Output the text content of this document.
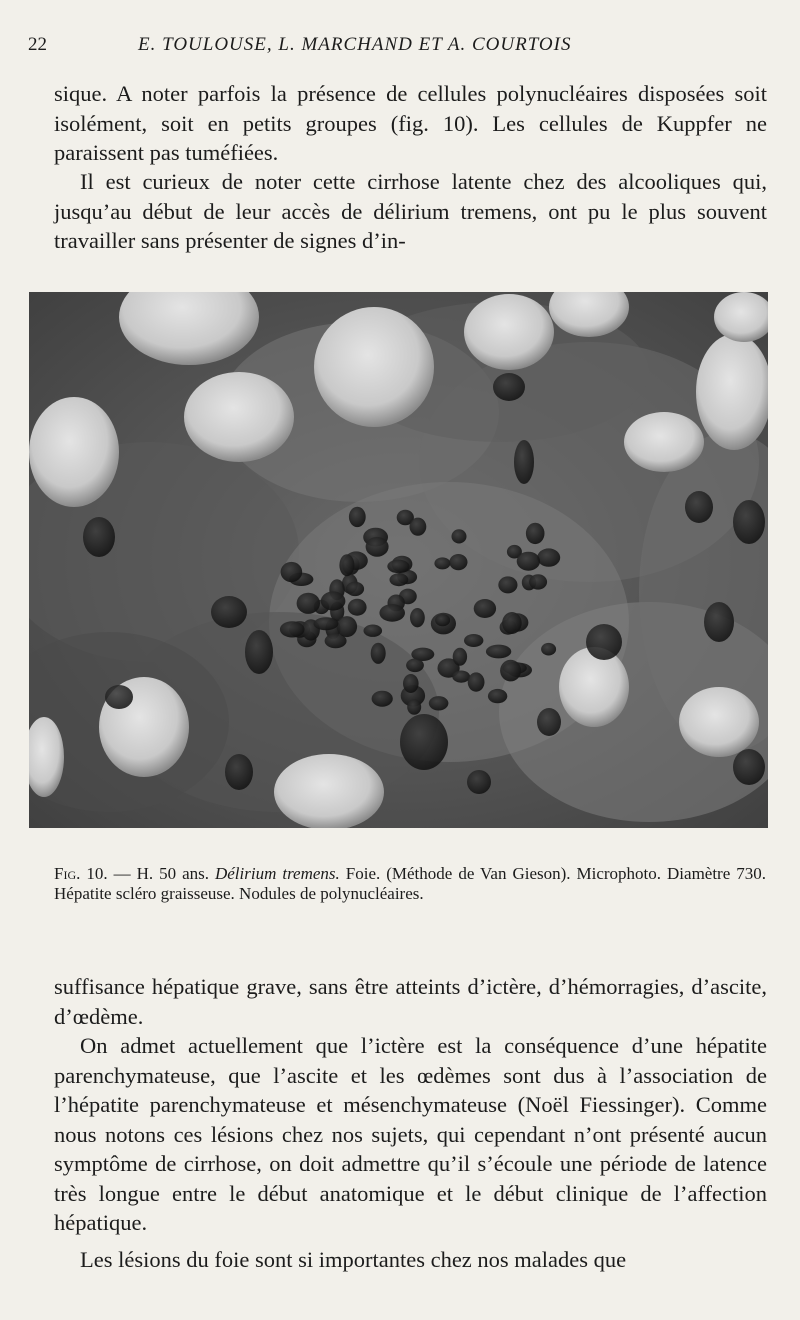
22	E. TOULOUSE, L. MARCHAND ET A. COURTOIS

sique. A noter parfois la présence de cellules polynucléaires disposées soit isolément, soit en petits groupes (fig. 10). Les cellules de Kuppfer ne paraissent pas tuméfiées.

Il est curieux de noter cette cirrhose latente chez des alcooliques qui, jusqu’au début de leur accès de délirium tremens, ont pu le plus souvent travailler sans présenter de signes d’in-

Fig. 10. — H. 50 ans. Délirium tremens. Foie. (Méthode de Van Gieson). Microphoto. Diamètre 730. Hépatite scléro graisseuse. Nodules de polynucléaires.

suffisance hépatique grave, sans être atteints d’ictère, d’hémorragies, d’ascite, d’œdème.

On admet actuellement que l’ictère est la conséquence d’une hépatite parenchymateuse, que l’ascite et les œdèmes sont dus à l’association de l’hépatite parenchymateuse et mésenchymateuse (Noël Fiessinger). Comme nous notons ces lésions chez nos sujets, qui cependant n’ont présenté aucun symptôme de cirrhose, on doit admettre qu’il s’écoule une période de latence très longue entre le début anatomique et le début clinique de l’affection hépatique.

Les lésions du foie sont si importantes chez nos malades que
